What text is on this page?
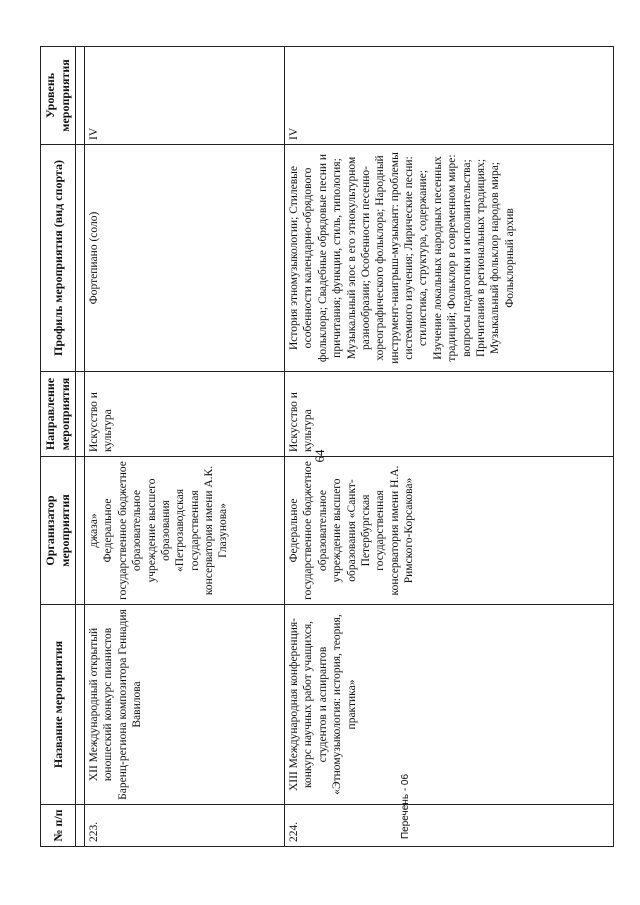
64
№ п/п	Название мероприятия	Организатор мероприятия	Направление мероприятия	Профиль мероприятия (вид спорта)	Уровень мероприятия

223.	XII Международный открытый юношеский конкурс пианистов Баренц-региона композитора Геннадия Вавилова	джаза» Федеральное государственное бюджетное образовательное учреждение высшего образования «Петрозаводская государственная консерватория имени А.К. Глазунова»	Искусство и культура	Фортепиано (соло)	IV
224.	XIII Международная конференция-конкурс научных работ учащихся, студентов и аспирантов «Этномузыкология: история, теория, практика»	Федеральное государственное бюджетное образовательное учреждение высшего образования «Санкт-Петербургская государственная консерватория имени Н.А. Римского-Корсакова»	Искусство и культура	История этномузыкологии; Стилевые особенности календарно-обрядового фольклора; Свадебные обрядовые песни и причитания; функции, стиль, типология; Музыкальный эпос в его этнокультурном разнообразии; Особенности песенно-хореографического фольклора; Народный инструмент-наигрыш-музыкант: проблемы системного изучения; Лирические песни: стилистика, структура, содержание; Изучение локальных народных песенных традиций; Фольклор в современном мире: вопросы педагогики и исполнительства; Причитания в региональных традициях; Музыкальный фольклор народов мира; Фольклорный архив	IV
Перечень - 06
